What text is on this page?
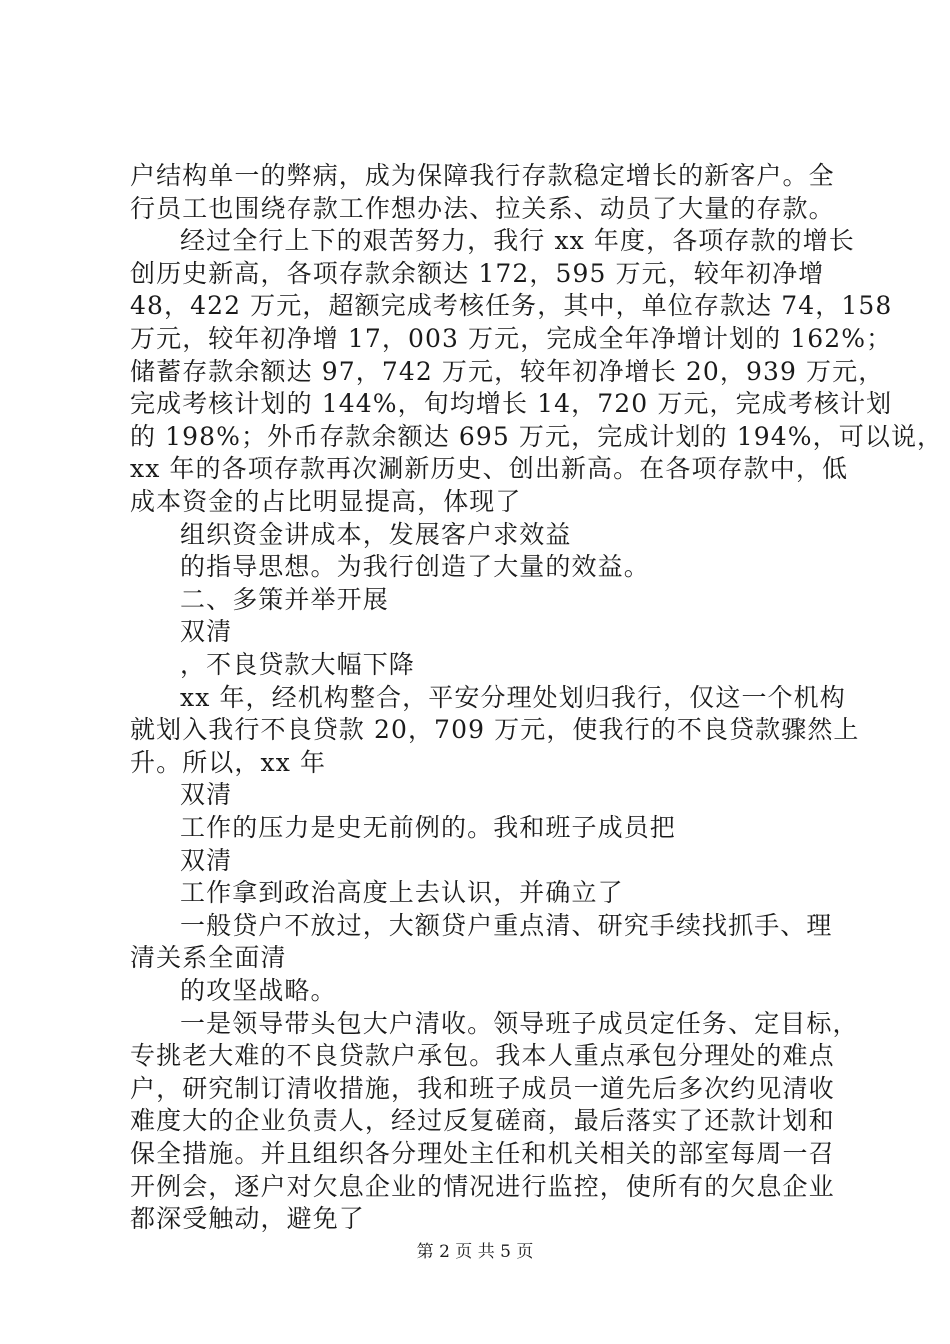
户结构单一的弊病，成为保障我行存款稳定增长的新客户。全
行员工也围绕存款工作想办法、拉关系、动员了大量的存款。
经过全行上下的艰苦努力，我行 xx 年度，各项存款的增长
创历史新高，各项存款余额达 172，595 万元，较年初净增
48，422 万元，超额完成考核任务，其中，单位存款达 74，158
万元，较年初净增 17，003 万元，完成全年净增计划的 162%；
储蓄存款余额达 97，742 万元，较年初净增长 20，939 万元，
完成考核计划的 144%，旬均增长 14，720 万元，完成考核计划
的 198%；外币存款余额达 695 万元，完成计划的 194%，可以说，
xx 年的各项存款再次涮新历史、创出新高。在各项存款中，低
成本资金的占比明显提高，体现了
组织资金讲成本，发展客户求效益
的指导思想。为我行创造了大量的效益。
二、多策并举开展
双清
，不良贷款大幅下降
xx 年，经机构整合，平安分理处划归我行，仅这一个机构
就划入我行不良贷款 20，709 万元，使我行的不良贷款骤然上
升。所以，xx 年
双清
工作的压力是史无前例的。我和班子成员把
双清
工作拿到政治高度上去认识，并确立了
一般贷户不放过，大额贷户重点清、研究手续找抓手、理
清关系全面清
的攻坚战略。
一是领导带头包大户清收。领导班子成员定任务、定目标，
专挑老大难的不良贷款户承包。我本人重点承包分理处的难点
户，研究制订清收措施，我和班子成员一道先后多次约见清收
难度大的企业负责人，经过反复磋商，最后落实了还款计划和
保全措施。并且组织各分理处主任和机关相关的部室每周一召
开例会，逐户对欠息企业的情况进行监控，使所有的欠息企业
都深受触动，避免了
第 2 页 共 5 页
